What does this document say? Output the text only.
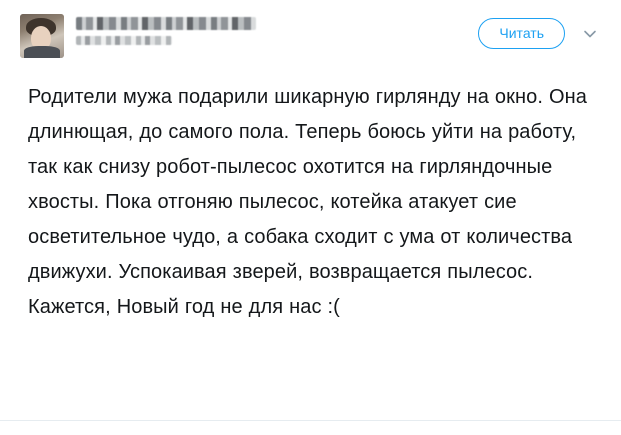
Читать

Родители мужа подарили шикарную гирлянду на окно. Она длинющая, до самого пола. Теперь боюсь уйти на работу, так как снизу робот-пылесос охотится на гирляндочные хвосты. Пока отгоняю пылесос, котейка атакует сие осветительное чудо, а собака сходит с ума от количества движухи. Успокаивая зверей, возвращается пылесос. Кажется, Новый год не для нас :(
